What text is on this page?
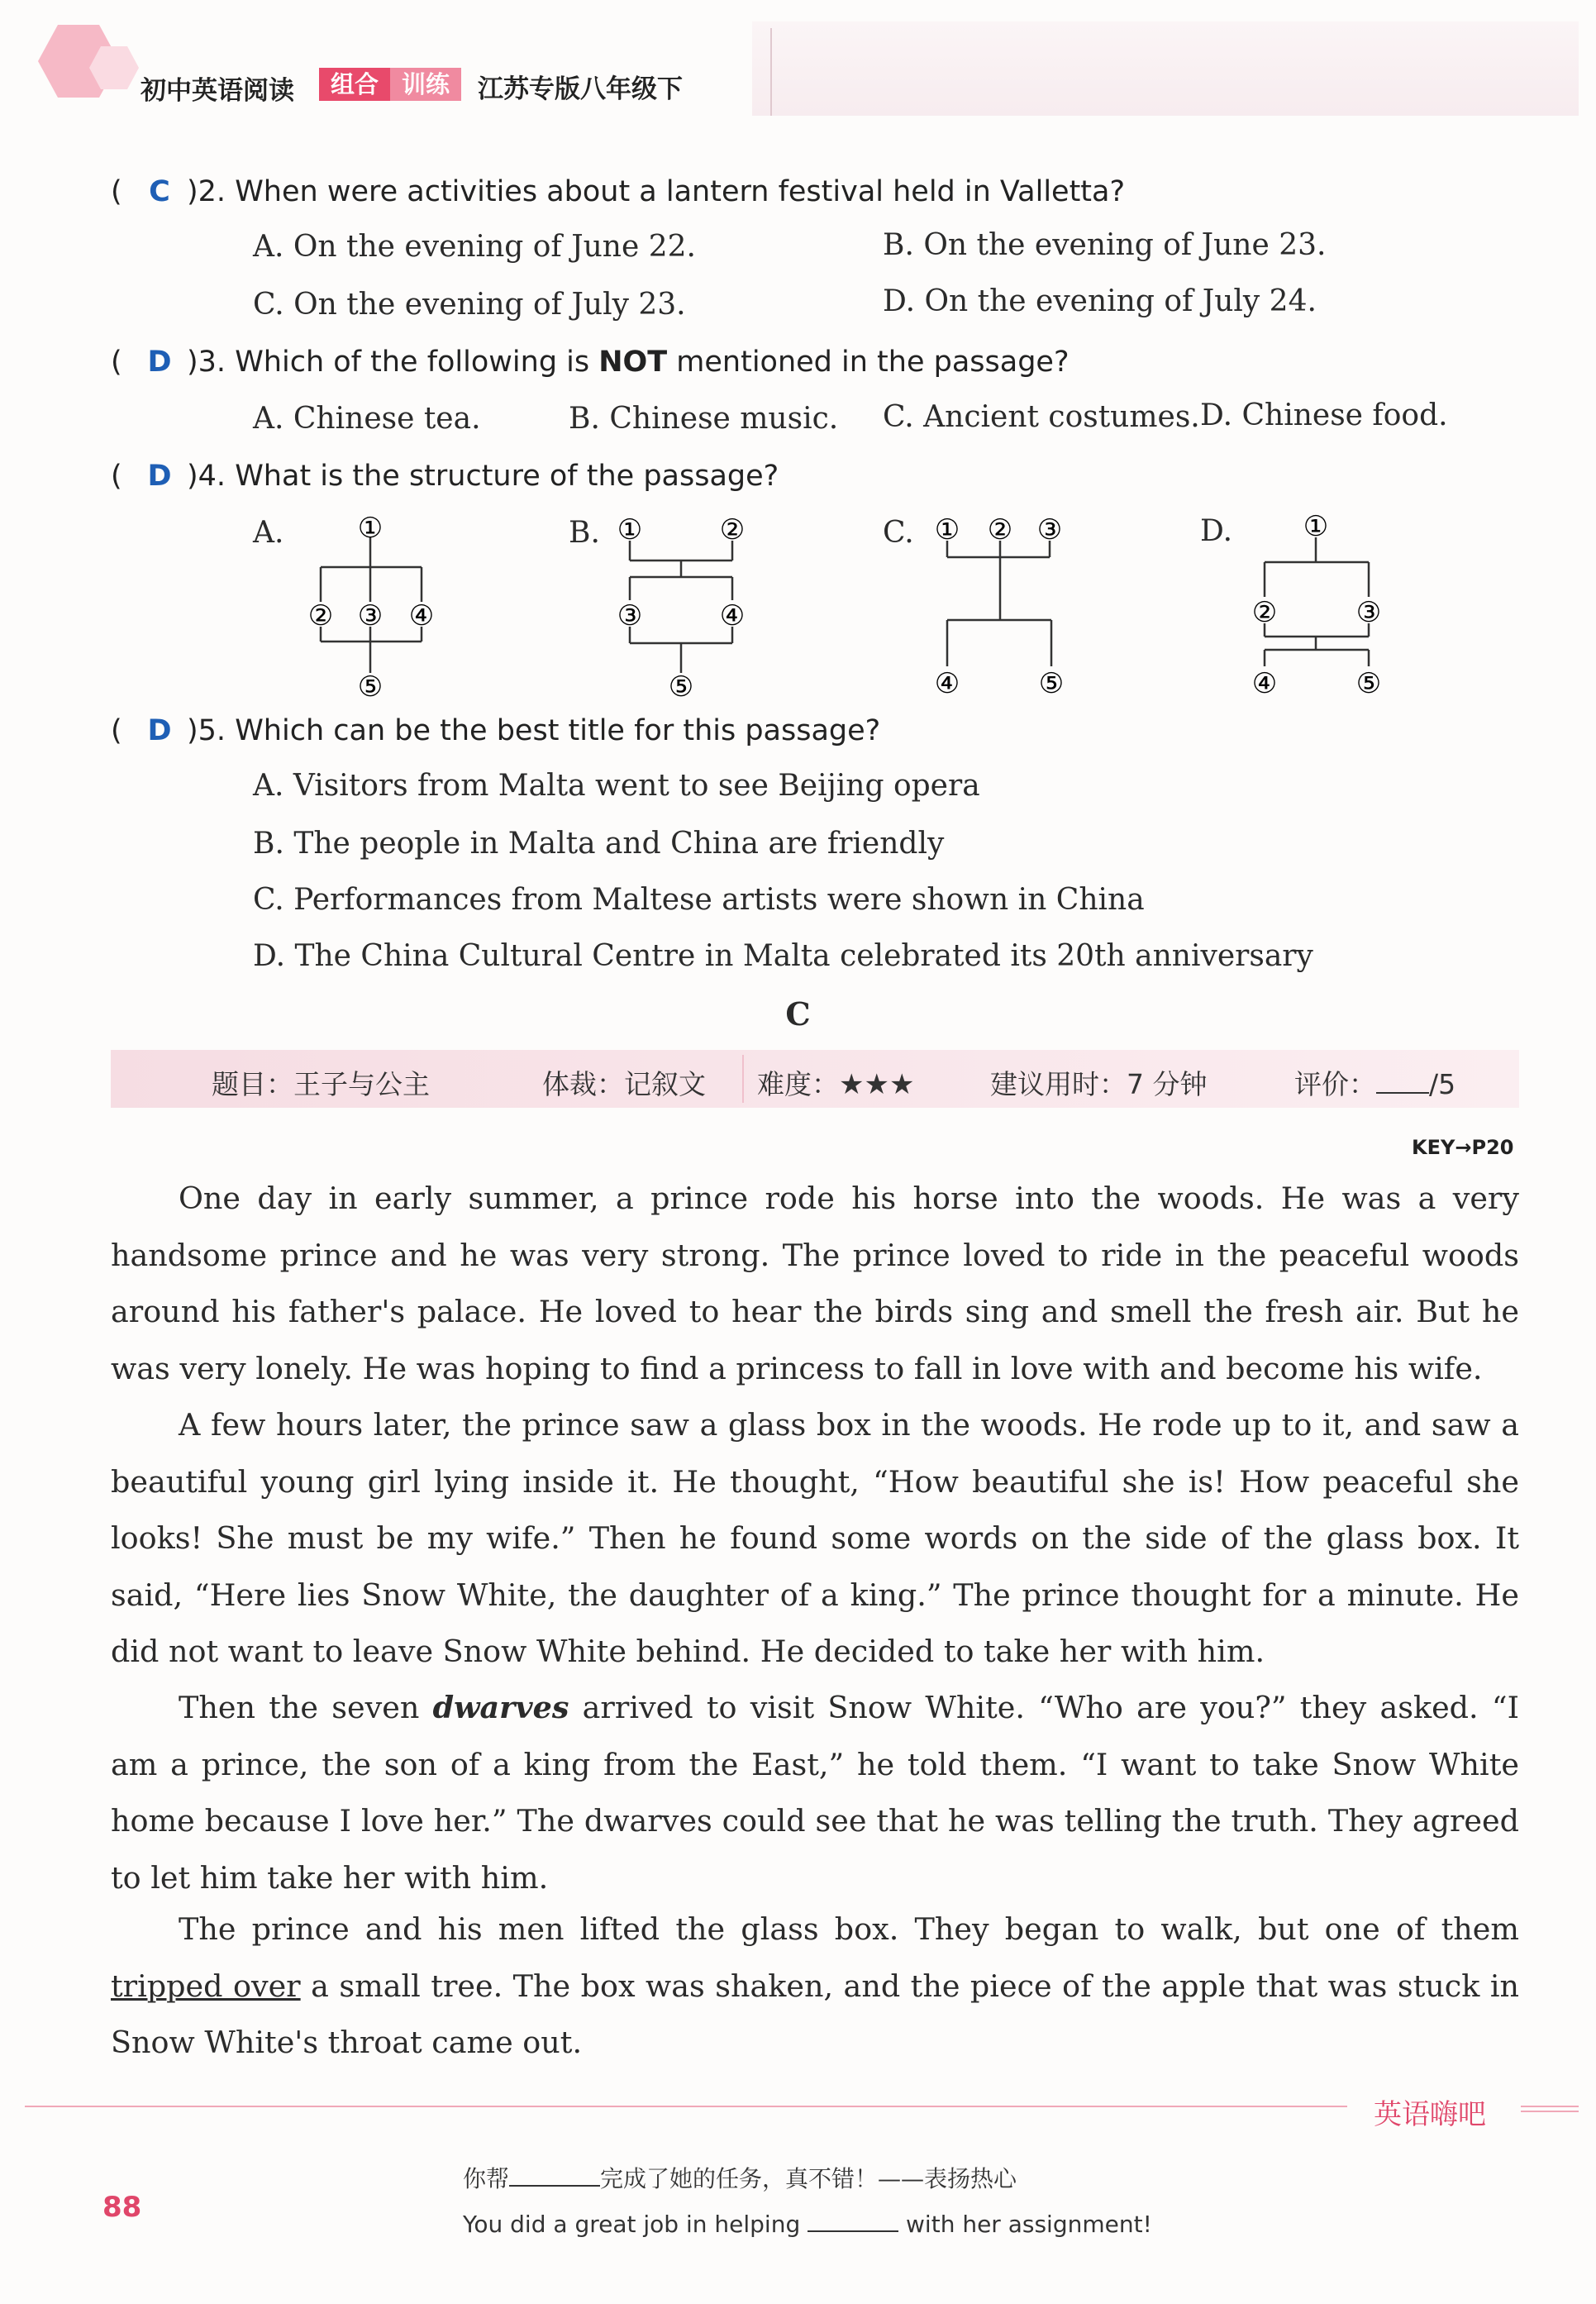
初中英语阅读	组合 训练	江苏专版八年级下
( C )2. When were activities about a lantern festival held in Valletta?
A. On the evening of June 22.	B. On the evening of June 23.
C. On the evening of July 23.	D. On the evening of July 24.
( D )3. Which of the following is NOT mentioned in the passage?
A. Chinese tea.	B. Chinese music. C. Ancient costumes. D. Chinese food.
( D )4. What is the structure of the passage?
A.	B.	C.	D.
①
② ③ ④
⑤
①	②
③	④
⑤
① ② ③
④	⑤
①
②	③
④	⑤
( D )5. Which can be the best title for this passage?
A. Visitors from Malta went to see Beijing opera
B. The people in Malta and China are friendly
C. Performances from Maltese artists were shown in China
D. The China Cultural Centre in Malta celebrated its 20th anniversary
C
题目：王子与公主	体裁：记叙文 难度：★★★	建议用时：7 分钟	评价： /5
KEY→P20
One day in early summer, a prince rode his horse into the woods. He was a very handsome prince and he was very strong. The prince loved to ride in the peaceful woods around his father's palace. He loved to hear the birds sing and smell the fresh air. But he was very lonely. He was hoping to find a princess to fall in love with and become his wife.
A few hours later, the prince saw a glass box in the woods. He rode up to it, and saw a beautiful young girl lying inside it. He thought, “How beautiful she is! How peaceful she looks! She must be my wife.” Then he found some words on the side of the glass box. It said, “Here lies Snow White, the daughter of a king.” The prince thought for a minute. He did not want to leave Snow White behind. He decided to take her with him.
Then the seven dwarves arrived to visit Snow White. “Who are you?” they asked. “I am a prince, the son of a king from the East,” he told them. “I want to take Snow White home because I love her.” The dwarves could see that he was telling the truth. They agreed to let him take her with him.
The prince and his men lifted the glass box. They began to walk, but one of them tripped over a small tree. The box was shaken, and the piece of the apple that was stuck in Snow White's throat came out.
英语嗨吧
88
你帮	完成了她的任务，真不错！——表扬热心
You did a great job in helping	with her assignment!
